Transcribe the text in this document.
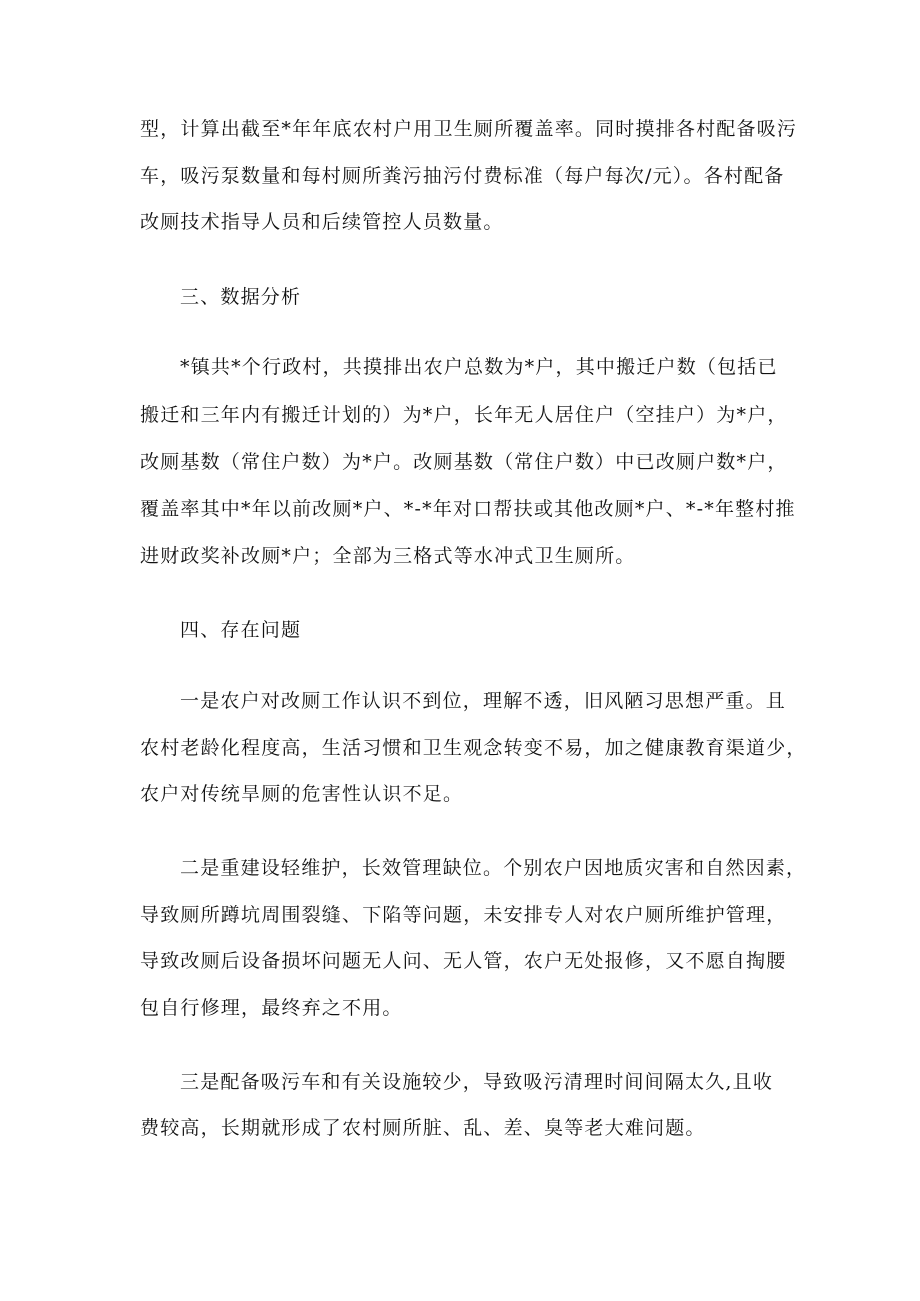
型，计算出截至*年年底农村户用卫生厕所覆盖率。同时摸排各村配备吸污

车，吸污泵数量和每村厕所粪污抽污付费标准（每户每次/元）。各村配备

改厕技术指导人员和后续管控人员数量。

三、数据分析

*镇共*个行政村，共摸排出农户总数为*户，其中搬迁户数（包括已

搬迁和三年内有搬迁计划的）为*户，长年无人居住户（空挂户）为*户，

改厕基数（常住户数）为*户。改厕基数（常住户数）中已改厕户数*户，

覆盖率其中*年以前改厕*户、*-*年对口帮扶或其他改厕*户、*-*年整村推

进财政奖补改厕*户；全部为三格式等水冲式卫生厕所。

四、存在问题

一是农户对改厕工作认识不到位，理解不透，旧风陋习思想严重。且

农村老龄化程度高，生活习惯和卫生观念转变不易，加之健康教育渠道少，

农户对传统旱厕的危害性认识不足。

二是重建设轻维护，长效管理缺位。个别农户因地质灾害和自然因素，

导致厕所蹲坑周围裂缝、下陷等问题，未安排专人对农户厕所维护管理，

导致改厕后设备损坏问题无人问、无人管，农户无处报修，又不愿自掏腰

包自行修理，最终弃之不用。

三是配备吸污车和有关设施较少，导致吸污清理时间间隔太久,且收

费较高，长期就形成了农村厕所脏、乱、差、臭等老大难问题。
